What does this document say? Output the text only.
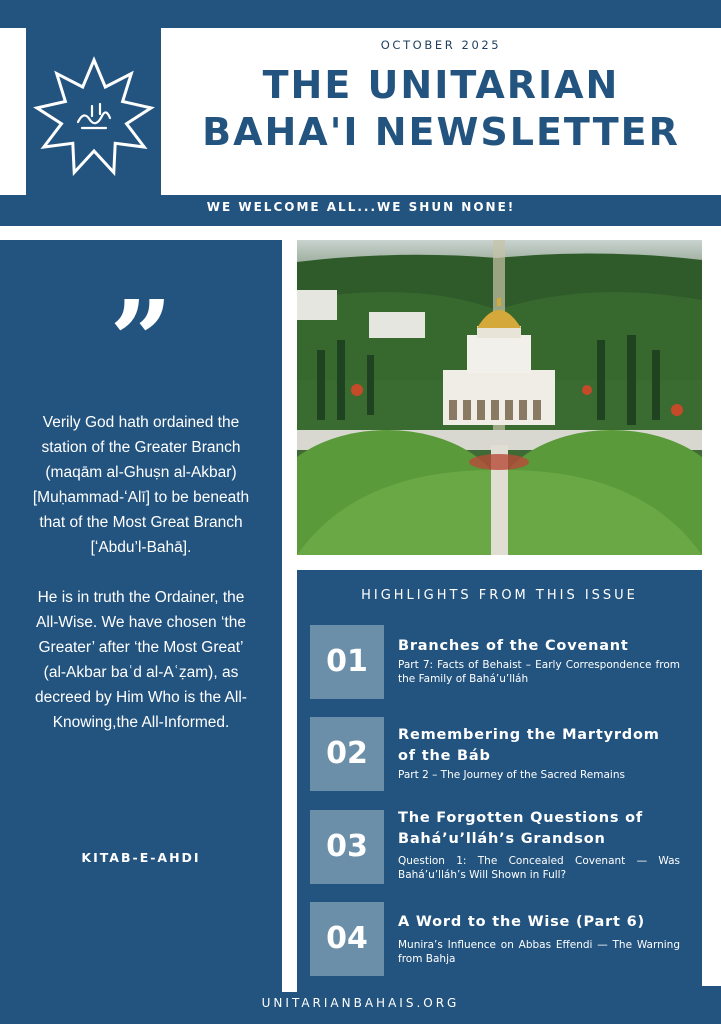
OCTOBER 2025
THE UNITARIAN
BAHA'I NEWSLETTER
WE WELCOME ALL...WE SHUN NONE!
”

Verily God hath ordained the station of the Greater Branch (maqām al-Ghuṣn al-Akbar) [Muḥammad-ʻAlī] to be beneath that of the Most Great Branch [ʻAbdu’l-Bahā].

He is in truth the Ordainer, the All-Wise. We have chosen ‘the Greater’ after ‘the Most Great’ (al-Akbar baʿd al-Aʿẓam), as decreed by Him Who is the All-Knowing,the All-Informed.

KITAB-E-AHDI
HIGHLIGHTS FROM THIS ISSUE
01	Branches of the Covenant
Part 7: Facts of Behaist – Early Correspondence from the Family of Bahá’u’lláh
02
Remembering the Martyrdom of the Báb
Part 2 – The Journey of the Sacred Remains
03
The Forgotten Questions of Bahá’u’lláh’s Grandson
Question 1: The Concealed Covenant — Was Bahá’u’lláh’s Will Shown in Full?
04	A Word to the Wise (Part 6)
Munira’s Influence on Abbas Effendi — The Warning from Bahja
UNITARIANBAHAIS.ORG
